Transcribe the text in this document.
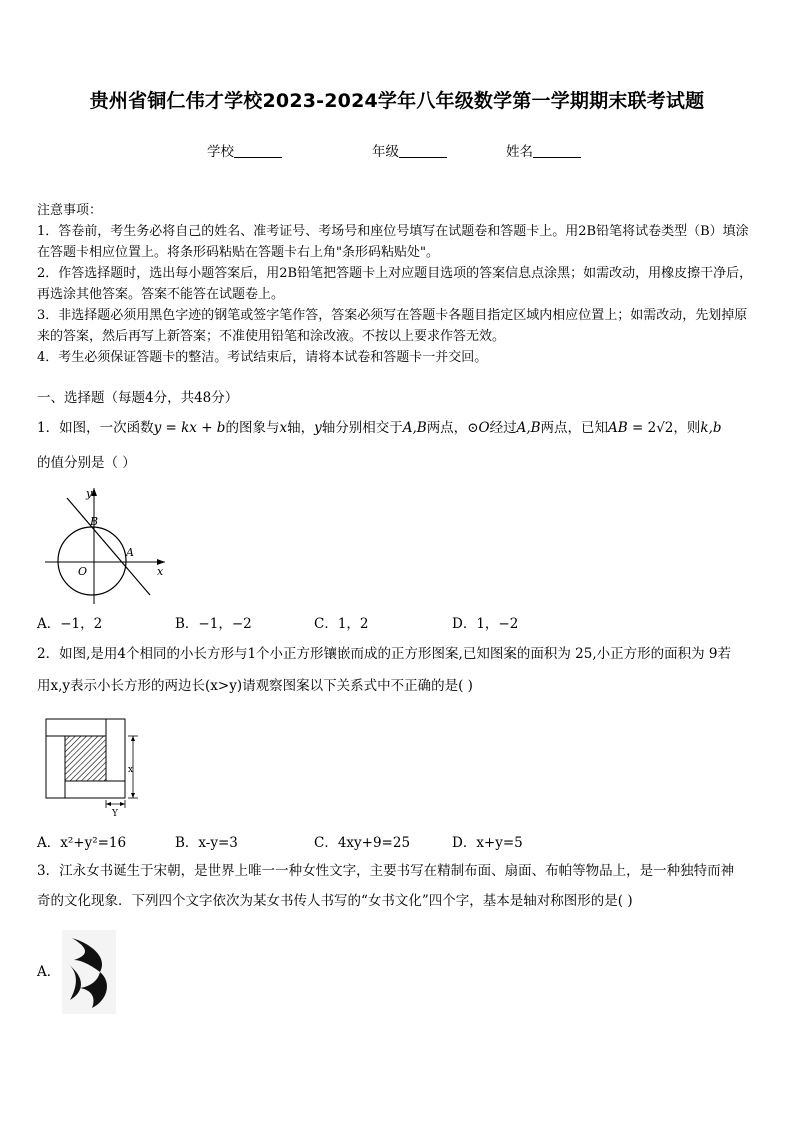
贵州省铜仁伟才学校2023-2024学年八年级数学第一学期期末联考试题
学校	年级	姓名

注意事项：

1．答卷前，考生务必将自己的姓名、准考证号、考场号和座位号填写在试题卷和答题卡上。用2B铅笔将试卷类型（B）填涂在答题卡相应位置上。将条形码粘贴在答题卡右上角"条形码粘贴处"。

2．作答选择题时，选出每小题答案后，用2B铅笔把答题卡上对应题目选项的答案信息点涂黑；如需改动，用橡皮擦干净后，再选涂其他答案。答案不能答在试题卷上。

3．非选择题必须用黑色字迹的钢笔或签字笔作答，答案必须写在答题卡各题目指定区域内相应位置上；如需改动，先划掉原来的答案，然后再写上新答案；不准使用铅笔和涂改液。不按以上要求作答无效。

4．考生必须保证答题卡的整洁。考试结束后，请将本试卷和答题卡一并交回。

一、选择题（每题4分，共48分）

1．如图，一次函数y = kx + b的图象与x轴，y轴分别相交于A,B两点，⊙O经过A,B两点，已知AB = 2√2，则k,b

的值分别是（ ）

y
x
O
A
B
A．−1，2	B．−1，−2	C．1，2	D．1，−2

2．如图,是用4个相同的小长方形与1个小正方形镶嵌而成的正方形图案,已知图案的面积为 25,小正方形的面积为 9若

用x,y表示小长方形的两边长(x>y)请观察图案以下关系式中不正确的是( )

x
Y
A．x²+y²=16	B．x-y=3	C．4xy+9=25	D．x+y=5

3．江永女书诞生于宋朝，是世界上唯一一种女性文字，主要书写在精制布面、扇面、布帕等物品上，是一种独特而神

奇的文化现象．下列四个文字依次为某女书传人书写的“女书文化”四个字，基本是轴对称图形的是( )

A．
